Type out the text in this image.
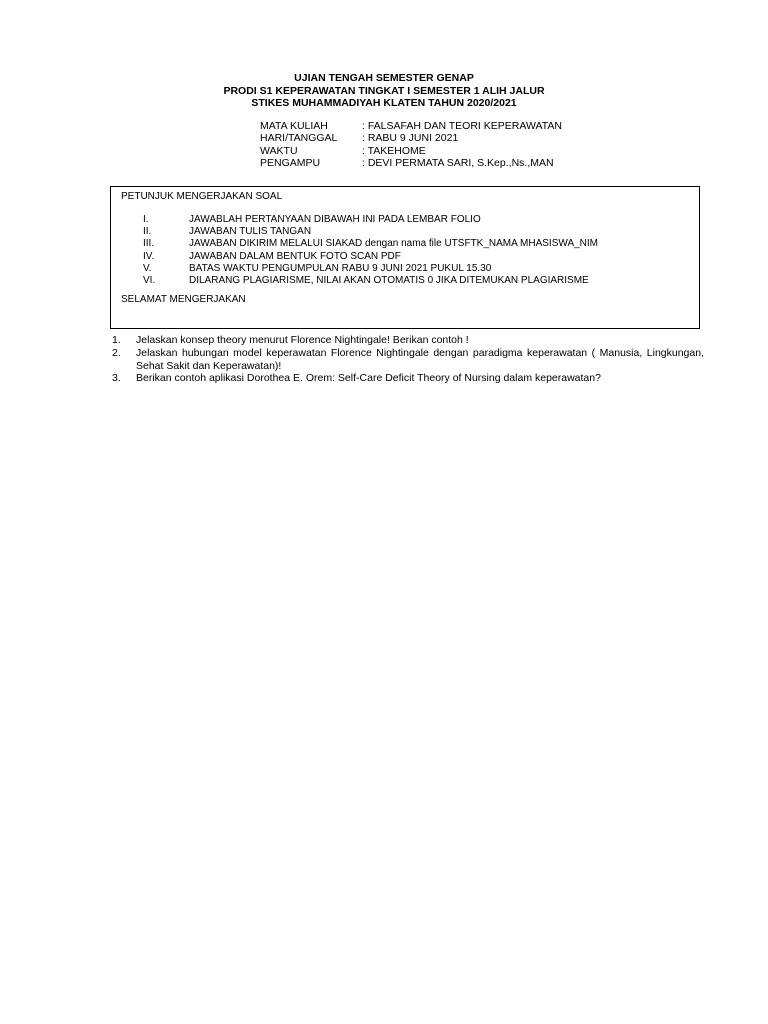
UJIAN TENGAH SEMESTER GENAP
PRODI S1 KEPERAWATAN TINGKAT I SEMESTER 1 ALIH JALUR
STIKES MUHAMMADIYAH KLATEN TAHUN 2020/2021
MATA KULIAH	: FALSAFAH DAN TEORI KEPERAWATAN
HARI/TANGGAL	: RABU 9 JUNI 2021
WAKTU	: TAKEHOME
PENGAMPU	: DEVI PERMATA SARI, S.Kep.,Ns.,MAN
PETUNJUK MENGERJAKAN SOAL
I.	JAWABLAH PERTANYAAN DIBAWAH INI PADA LEMBAR FOLIO
II.	JAWABAN TULIS TANGAN
III.	JAWABAN DIKIRIM MELALUI SIAKAD dengan nama file UTSFTK_NAMA MHASISWA_NIM
IV.	JAWABAN DALAM BENTUK FOTO SCAN PDF
V.	BATAS WAKTU PENGUMPULAN RABU 9 JUNI 2021 PUKUL 15.30
VI.	DILARANG PLAGIARISME, NILAI AKAN OTOMATIS 0 JIKA DITEMUKAN PLAGIARISME
SELAMAT MENGERJAKAN
1.	Jelaskan konsep theory menurut Florence Nightingale! Berikan contoh !
2.	Jelaskan hubungan model keperawatan Florence Nightingale dengan paradigma keperawatan ( Manusia, Lingkungan, Sehat Sakit dan Keperawatan)!
3.	Berikan contoh aplikasi Dorothea E. Orem: Self-Care Deficit Theory of Nursing dalam keperawatan?
